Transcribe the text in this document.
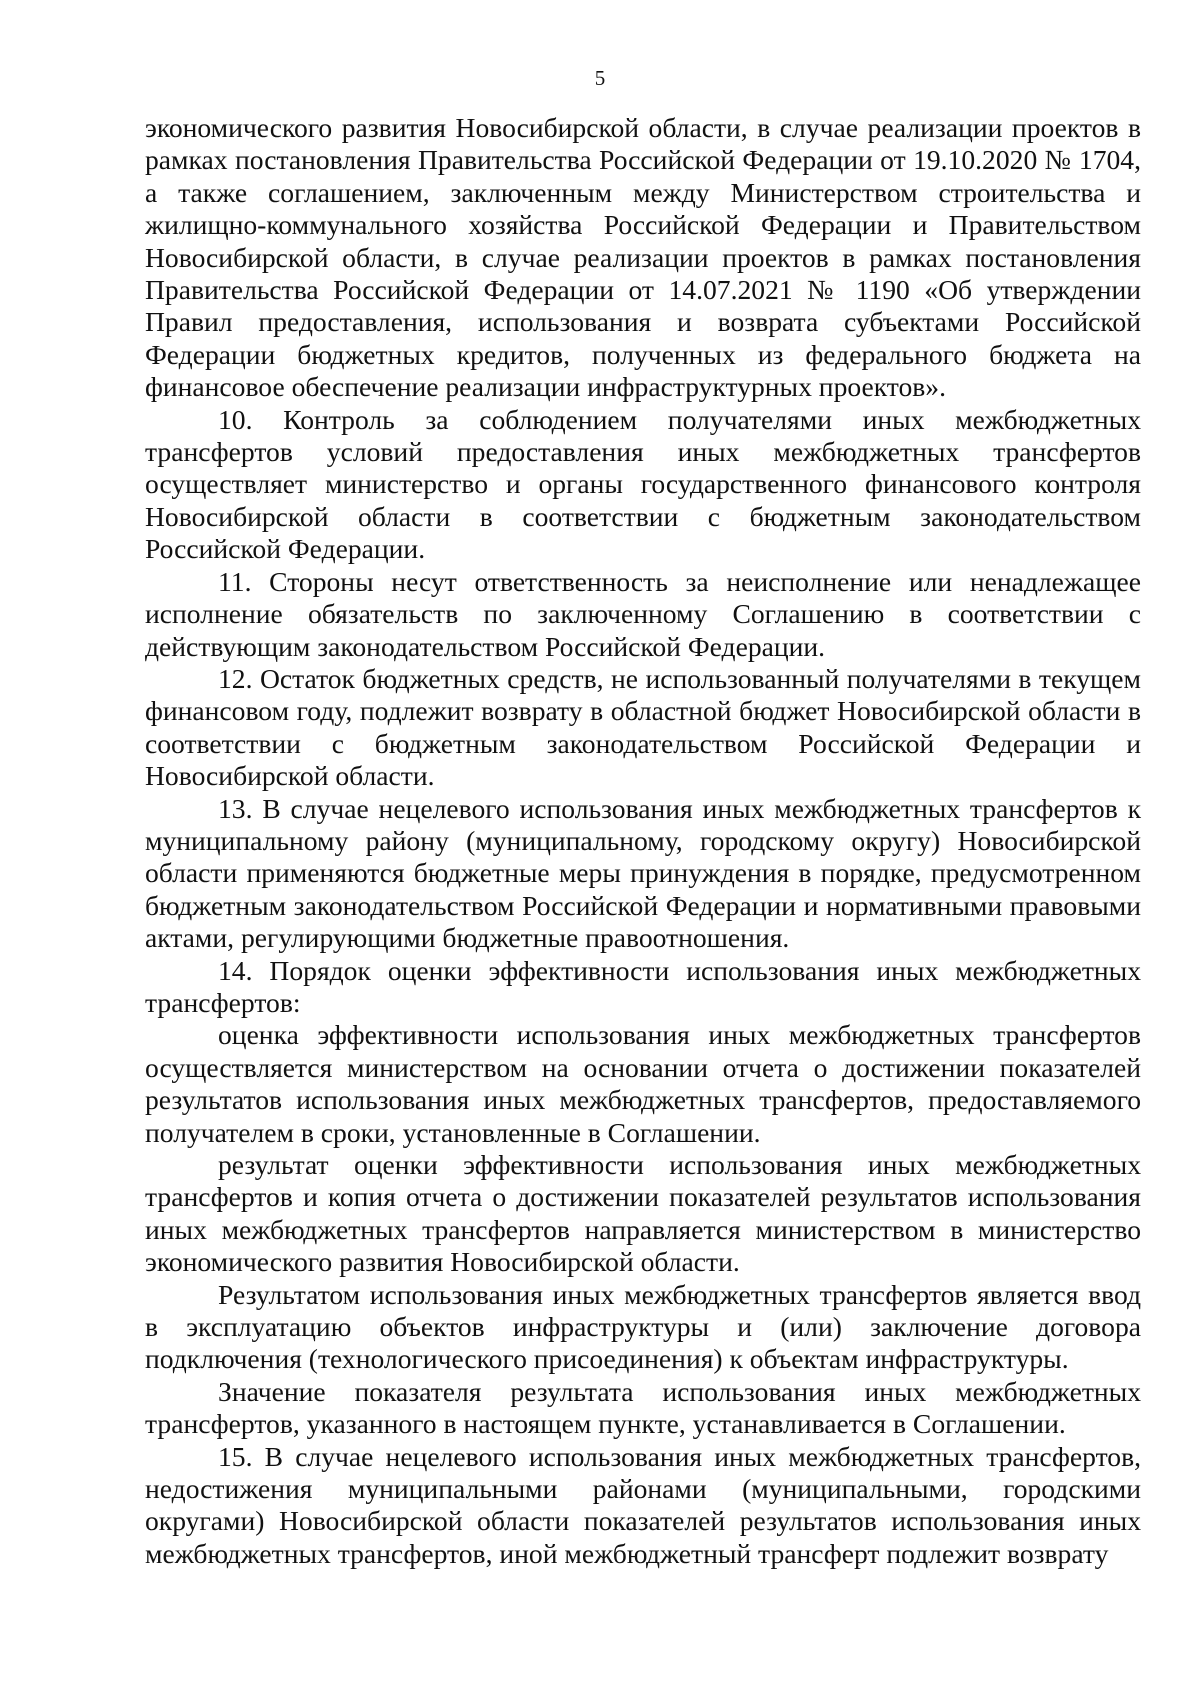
5

экономического развития Новосибирской области, в случае реализации проектов в рамках постановления Правительства Российской Федерации от 19.10.2020 № 1704, а также соглашением, заключенным между Министерством строительства и жилищно-коммунального хозяйства Российской Федерации и Правительством Новосибирской области, в случае реализации проектов в рамках постановления Правительства Российской Федерации от 14.07.2021 № 1190 «Об утверждении Правил предоставления, использования и возврата субъектами Российской Федерации бюджетных кредитов, полученных из федерального бюджета на финансовое обеспечение реализации инфраструктурных проектов».

10. Контроль за соблюдением получателями иных межбюджетных трансфертов условий предоставления иных межбюджетных трансфертов осуществляет министерство и органы государственного финансового контроля Новосибирской области в соответствии с бюджетным законодательством Российской Федерации.

11. Стороны несут ответственность за неисполнение или ненадлежащее исполнение обязательств по заключенному Соглашению в соответствии с действующим законодательством Российской Федерации.

12. Остаток бюджетных средств, не использованный получателями в текущем финансовом году, подлежит возврату в областной бюджет Новосибирской области в соответствии с бюджетным законодательством Российской Федерации и Новосибирской области.

13. В случае нецелевого использования иных межбюджетных трансфертов к муниципальному району (муниципальному, городскому округу) Новосибирской области применяются бюджетные меры принуждения в порядке, предусмотренном бюджетным законодательством Российской Федерации и нормативными правовыми актами, регулирующими бюджетные правоотношения.

14. Порядок оценки эффективности использования иных межбюджетных трансфертов:

оценка эффективности использования иных межбюджетных трансфертов осуществляется министерством на основании отчета о достижении показателей результатов использования иных межбюджетных трансфертов, предоставляемого получателем в сроки, установленные в Соглашении.

результат оценки эффективности использования иных межбюджетных трансфертов и копия отчета о достижении показателей результатов использования иных межбюджетных трансфертов направляется министерством в министерство экономического развития Новосибирской области.

Результатом использования иных межбюджетных трансфертов является ввод в эксплуатацию объектов инфраструктуры и (или) заключение договора подключения (технологического присоединения) к объектам инфраструктуры.

Значение показателя результата использования иных межбюджетных трансфертов, указанного в настоящем пункте, устанавливается в Соглашении.

15. В случае нецелевого использования иных межбюджетных трансфертов, недостижения муниципальными районами (муниципальными, городскими округами) Новосибирской области показателей результатов использования иных межбюджетных трансфертов, иной межбюджетный трансферт подлежит возврату
